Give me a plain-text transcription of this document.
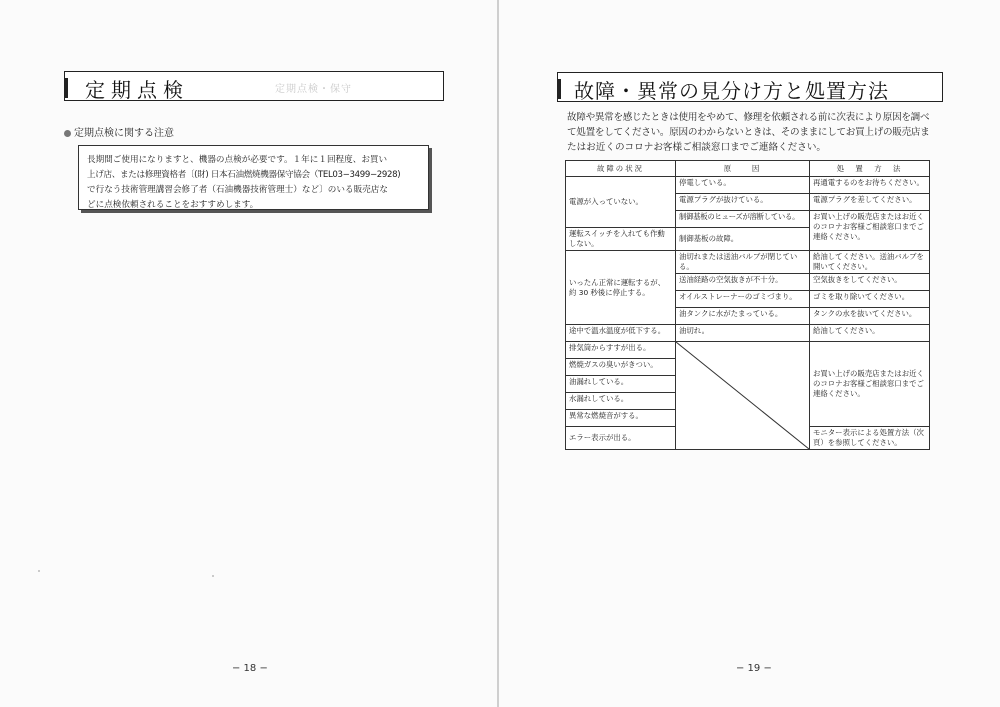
定期点検	定期点検・保守
定期点検に関する注意
長期間ご使用になりますと、機器の点検が必要です。１年に１回程度、お買い
上げ店、または修理資格者〔(財) 日本石油燃焼機器保守協会（TEL03−3499−2928)
で行なう技術管理講習会修了者（石油機器技術管理士）など〕のいる販売店な
どに点検依頼されることをおすすめします。
− 18 −
故障・異常の見分け方と処置方法
故障や異常を感じたときは使用をやめて、修理を依頼される前に次表により原因を調べ
て処置をしてください。原因のわからないときは、そのままにしてお買上げの販売店ま
たはお近くのコロナお客様ご相談窓口までご連絡ください。
故障の状況	原　　因	処　置　方　法
電源が入っていない。	停電している。	再通電するのをお待ちください。
	電源プラグが抜けている。	電源プラグを差してください。
	制御基板のヒューズが溶断している。	お買い上げの販売店またはお近くのコロナお客様ご相談窓口までご連絡ください。
運転スイッチを入れても作動しない。	制御基板の故障。	
いったん正常に運転するが、約 30 秒後に停止する。	油切れまたは送油バルブが閉じている。	給油してください。送油バルブを開いてください。
	送油経路の空気抜きが不十分。	空気抜きをしてください。
	オイルストレーナーのゴミづまり。	ゴミを取り除いてください。
	油タンクに水がたまっている。	タンクの水を抜いてください。
途中で温水温度が低下する。	油切れ。	給油してください。
排気筒からすすが出る。		お買い上げの販売店またはお近くのコロナお客様ご相談窓口までご連絡ください。
燃焼ガスの臭いがきつい。		
油漏れしている。		
水漏れしている。		
異常な燃焼音がする。		
エラー表示が出る。		モニター表示による処置方法（次頁）を参照してください。
− 19 −
